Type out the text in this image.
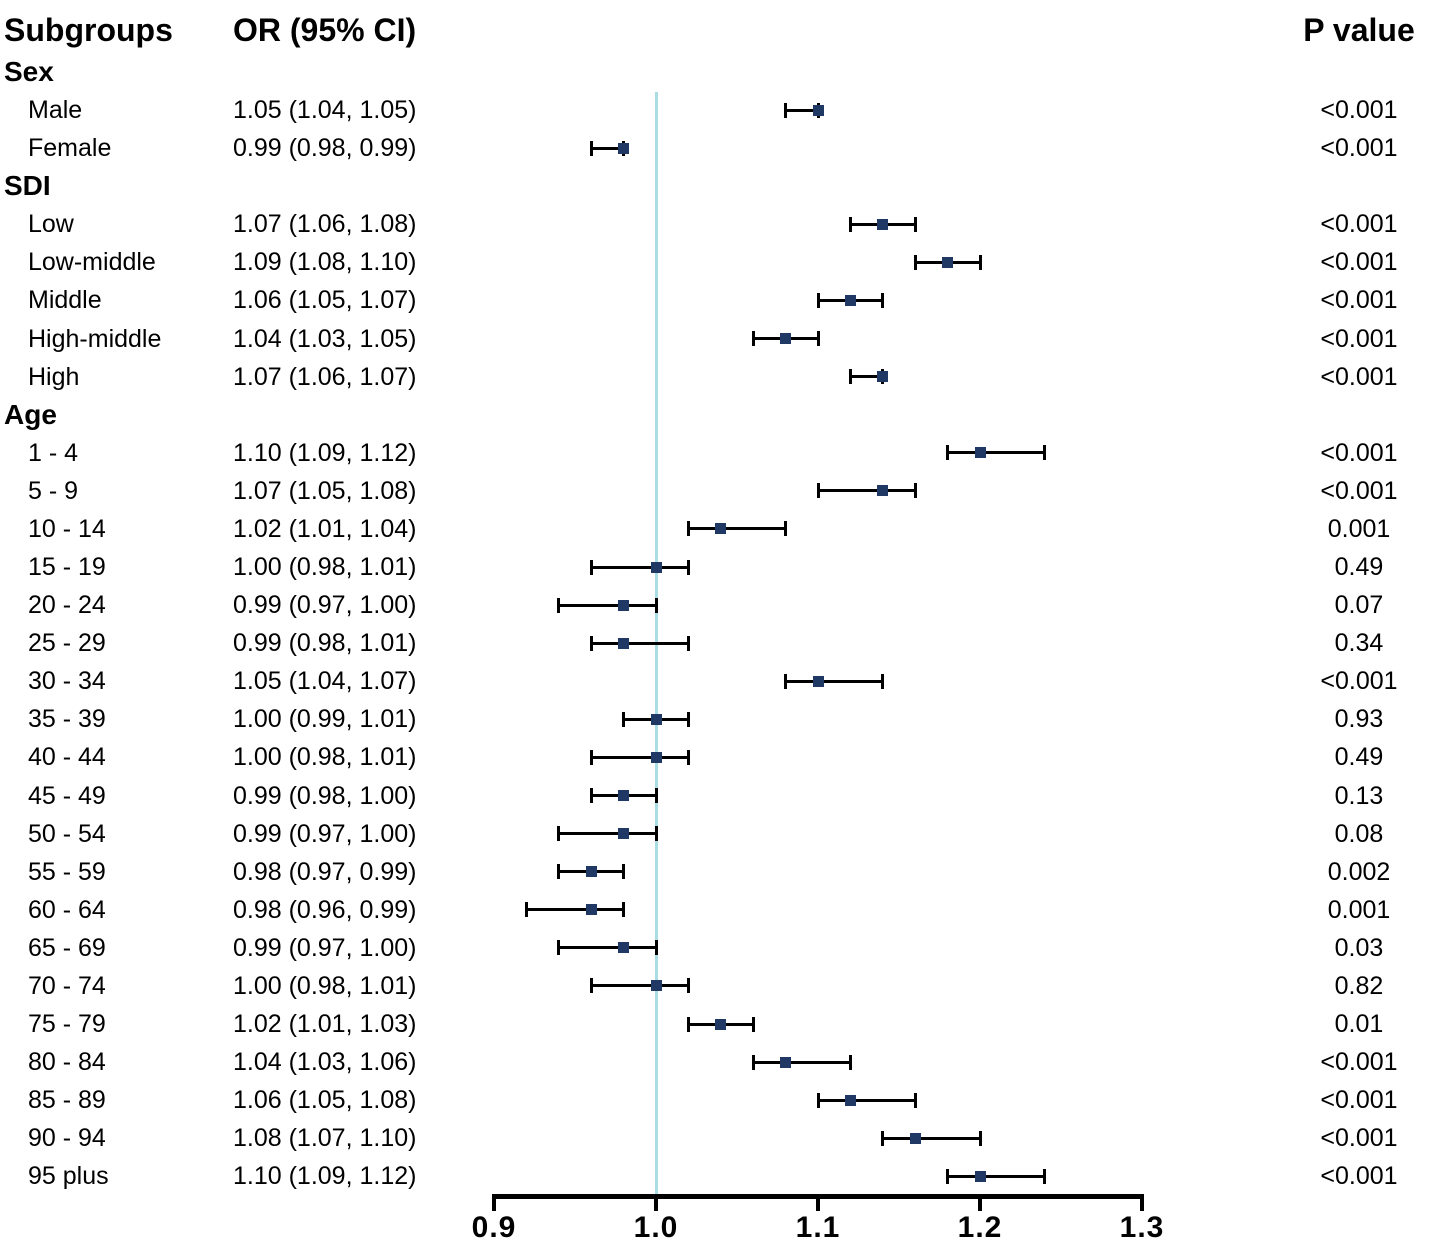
Subgroups OR (95% CI)	P value
Sex
Male	1.05 (1.04, 1.05)	<0.001
Female	0.99 (0.98, 0.99)	<0.001
SDI
Low	1.07 (1.06, 1.08)	<0.001
Low-middle	1.09 (1.08, 1.10)	<0.001
Middle	1.06 (1.05, 1.07)	<0.001
High-middle	1.04 (1.03, 1.05)	<0.001
High	1.07 (1.06, 1.07)	<0.001
Age
1 - 4	1.10 (1.09, 1.12)	<0.001
5 - 9	1.07 (1.05, 1.08)	<0.001
10 - 14	1.02 (1.01, 1.04)	0.001
15 - 19	1.00 (0.98, 1.01)	0.49
20 - 24	0.99 (0.97, 1.00)	0.07
25 - 29	0.99 (0.98, 1.01)	0.34
30 - 34	1.05 (1.04, 1.07)	<0.001
35 - 39	1.00 (0.99, 1.01)	0.93
40 - 44	1.00 (0.98, 1.01)	0.49
45 - 49	0.99 (0.98, 1.00)	0.13
50 - 54	0.99 (0.97, 1.00)	0.08
55 - 59	0.98 (0.97, 0.99)	0.002
60 - 64	0.98 (0.96, 0.99)	0.001
65 - 69	0.99 (0.97, 1.00)	0.03
70 - 74	1.00 (0.98, 1.01)	0.82
75 - 79	1.02 (1.01, 1.03)	0.01
80 - 84	1.04 (1.03, 1.06)	<0.001
85 - 89	1.06 (1.05, 1.08)	<0.001
90 - 94	1.08 (1.07, 1.10)	<0.001
95 plus	1.10 (1.09, 1.12)	<0.001
0.9	1.0	1.1	1.2	1.3
